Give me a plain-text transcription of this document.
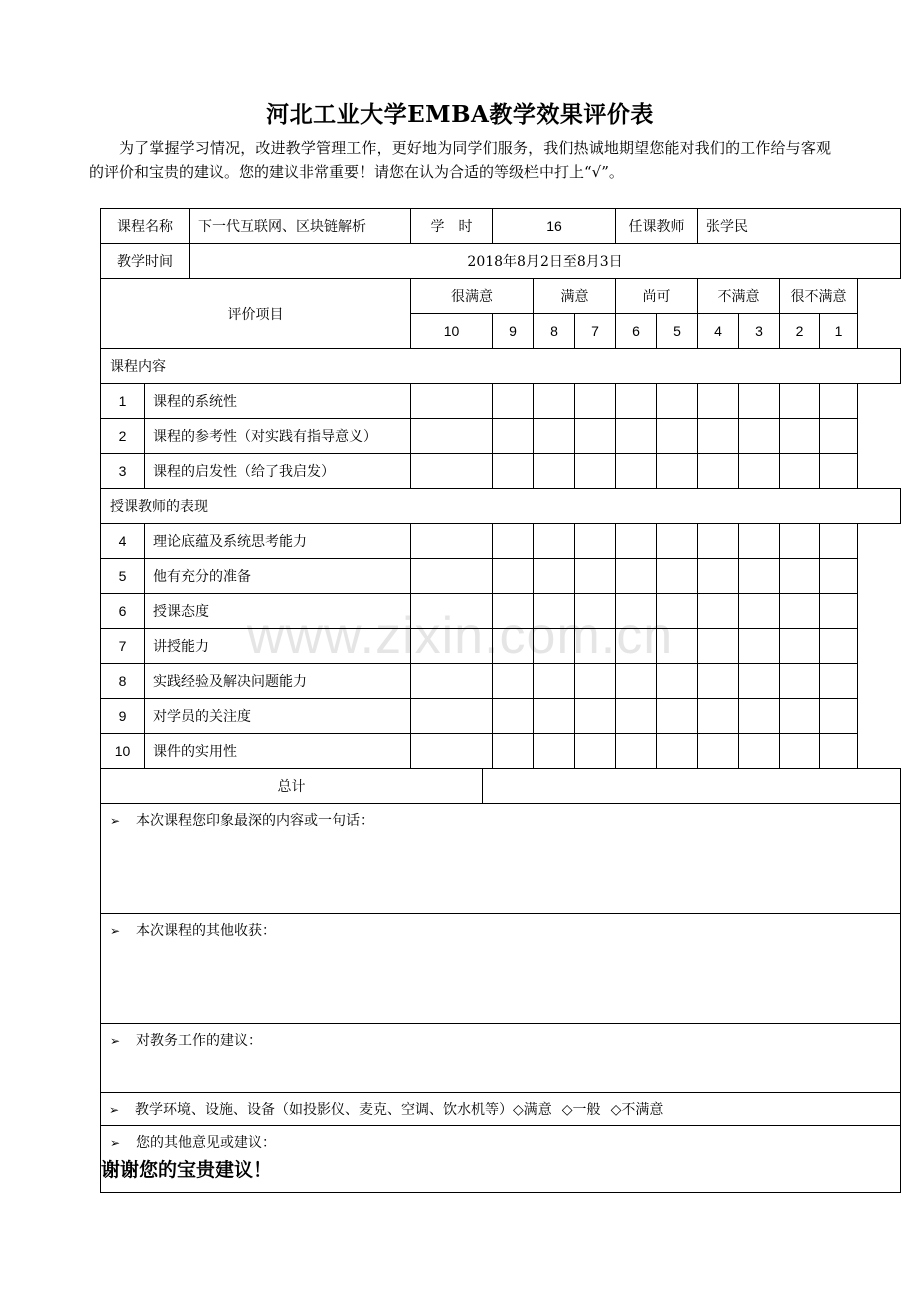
河北工业大学EMBA教学效果评价表
为了掌握学习情况，改进教学管理工作，更好地为同学们服务，我们热诚地期望您能对我们的工作给与客观的评价和宝贵的建议。您的建议非常重要！请您在认为合适的等级栏中打上“√”。
课程名称		下一代互联网、区块链解析	学　时		16			任课教师		张学民			
教学时间		2018年8月2日至8月3日											
评价项目			很满意			满意		尚可		不满意		很不满意	
			10		9	8	7	6	5	4	3	2	1
课程内容													
1	课程的系统性												
2	课程的参考性（对实践有指导意义）												
3	课程的启发性（给了我启发）												
授课教师的表现													
4	理论底蕴及系统思考能力												
5	他有充分的准备												
6	授课态度												
7	讲授能力												
8	实践经验及解决问题能力												
9	对学员的关注度												
10	课件的实用性												
总计													
➢ 本次课程您印象最深的内容或一句话：													
➢ 本次课程的其他收获：													
➢ 对教务工作的建议：													
➢ 教学环境、设施、设备（如投影仪、麦克、空调、饮水机等）◇满意 ◇一般 ◇不满意													
➢ 您的其他意见或建议：													
谢谢您的宝贵建议！
www.zixin.com.cn
